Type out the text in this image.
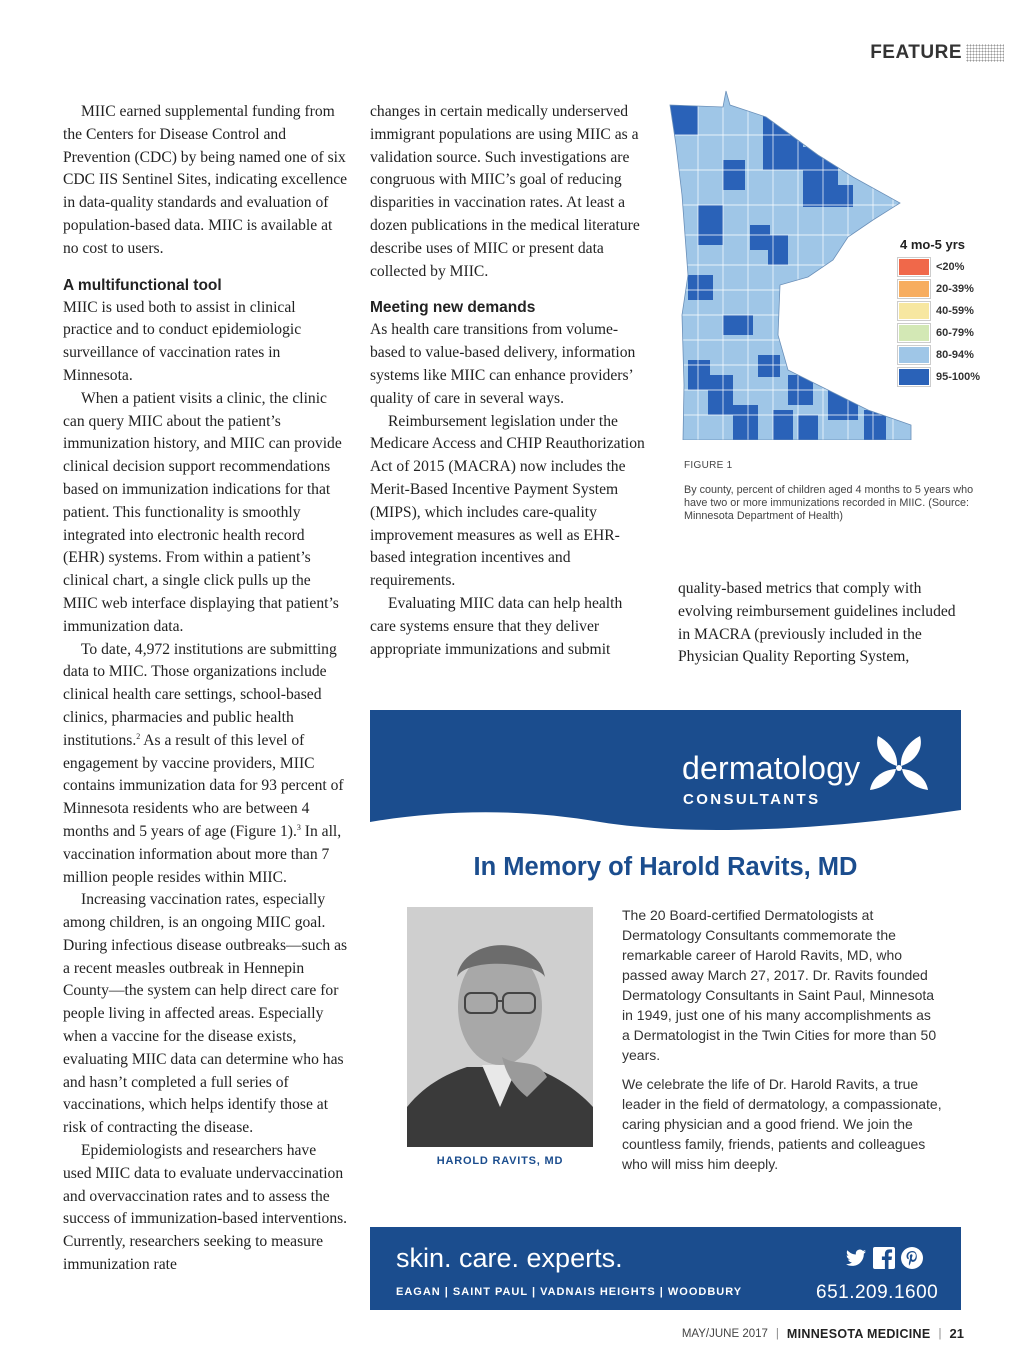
FEATURE

MIIC earned supplemental funding from the Centers for Disease Control and Prevention (CDC) by being named one of six CDC IIS Sentinel Sites, indicating excellence in data-quality standards and evaluation of population-based data. MIIC is available at no cost to users.

A multifunctional tool

MIIC is used both to assist in clinical practice and to conduct epidemiologic surveillance of vaccination rates in Minnesota.

When a patient visits a clinic, the clinic can query MIIC about the patient’s immunization history, and MIIC can provide clinical decision support recommendations based on immunization indications for that patient. This functionality is smoothly integrated into electronic health record (EHR) systems. From within a patient’s clinical chart, a single click pulls up the MIIC web interface displaying that patient’s immunization data.

To date, 4,972 institutions are submitting data to MIIC. Those organizations include clinical health care settings, school-based clinics, pharmacies and public health institutions.$^2$ As a result of this level of engagement by vaccine providers, MIIC contains immunization data for 93 percent of Minnesota residents who are between 4 months and 5 years of age (Figure 1).$^3$ In all, vaccination information about more than 7 million people resides within MIIC.

Increasing vaccination rates, especially among children, is an ongoing MIIC goal. During infectious disease outbreaks—such as a recent measles outbreak in Hennepin County—the system can help direct care for people living in affected areas. Especially when a vaccine for the disease exists, evaluating MIIC data can determine who has and hasn’t completed a full series of vaccinations, which helps identify those at risk of contracting the disease.

Epidemiologists and researchers have used MIIC data to evaluate undervaccination and overvaccination rates and to assess the success of immunization-based interventions. Currently, researchers seeking to measure immunization rate

changes in certain medically underserved immigrant populations are using MIIC as a validation source. Such investigations are congruous with MIIC’s goal of reducing disparities in vaccination rates. At least a dozen publications in the medical literature describe uses of MIIC or present data collected by MIIC.

Meeting new demands

As health care transitions from volume-based to value-based delivery, information systems like MIIC can enhance providers’ quality of care in several ways.

Reimbursement legislation under the Medicare Access and CHIP Reauthorization Act of 2015 (MACRA) now includes the Merit-Based Incentive Payment System (MIPS), which includes care-quality improvement measures as well as EHR-based integration incentives and requirements.

Evaluating MIIC data can help health care systems ensure that they deliver appropriate immunizations and submit

4 mo-5 yrs
<20%
20-39%
40-59%
60-79%
80-94%
95-100%
FIGURE 1
By county, percent of children aged 4 months to 5 years who have two or more immunizations recorded in MIIC. (Source: Minnesota Department of Health)

quality-based metrics that comply with evolving reimbursement guidelines included in MACRA (previously included in the Physician Quality Reporting System,

dermatology
CONSULTANTS
In Memory of Harold Ravits, MD
HAROLD RAVITS, MD

The 20 Board-certified Dermatologists at Dermatology Consultants commemorate the remarkable career of Harold Ravits, MD, who passed away March 27, 2017. Dr. Ravits founded Dermatology Consultants in Saint Paul, Minnesota in 1949, just one of his many accomplishments as a Dermatologist in the Twin Cities for more than 50 years.

We celebrate the life of Dr. Harold Ravits, a true leader in the field of dermatology, a compassionate, caring physician and a good friend. We join the countless family, friends, patients and colleagues who will miss him deeply.

skin. care. experts.
EAGAN | SAINT PAUL | VADNAIS HEIGHTS | WOODBURY	651.209.1600
MAY/JUNE 2017 | MINNESOTA MEDICINE | 21
